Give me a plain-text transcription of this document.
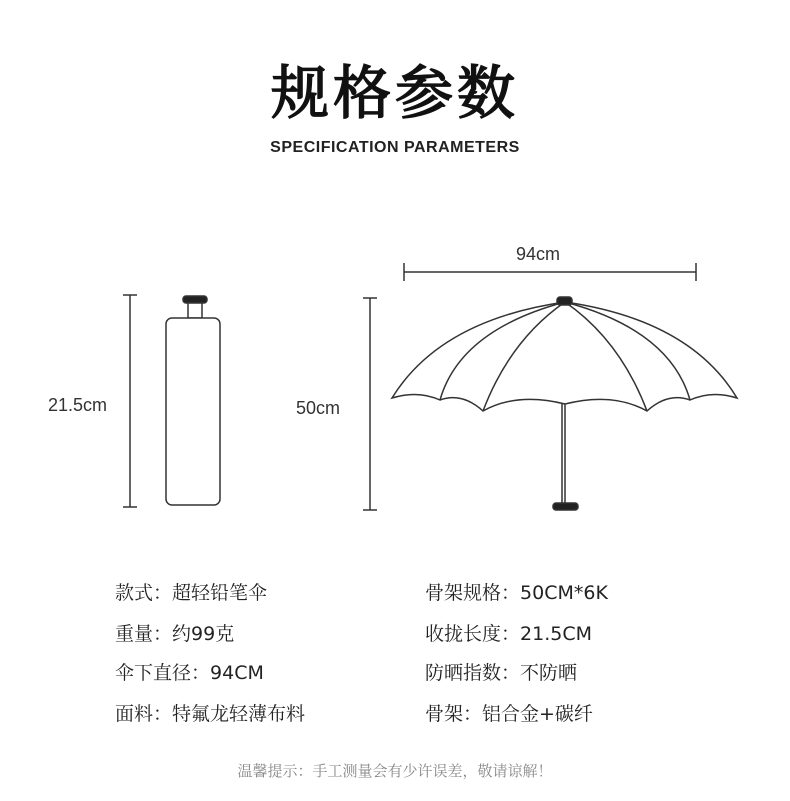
规格参数
SPECIFICATION PARAMETERS
21.5cm	50cm
94cm
款式：超轻铅笔伞
重量：约99克
伞下直径：94CM
面料：特氟龙轻薄布料
骨架规格：50CM*6K
收拢长度：21.5CM
防晒指数：不防晒
骨架：铝合金+碳纤
温馨提示：手工测量会有少许误差，敬请谅解！
